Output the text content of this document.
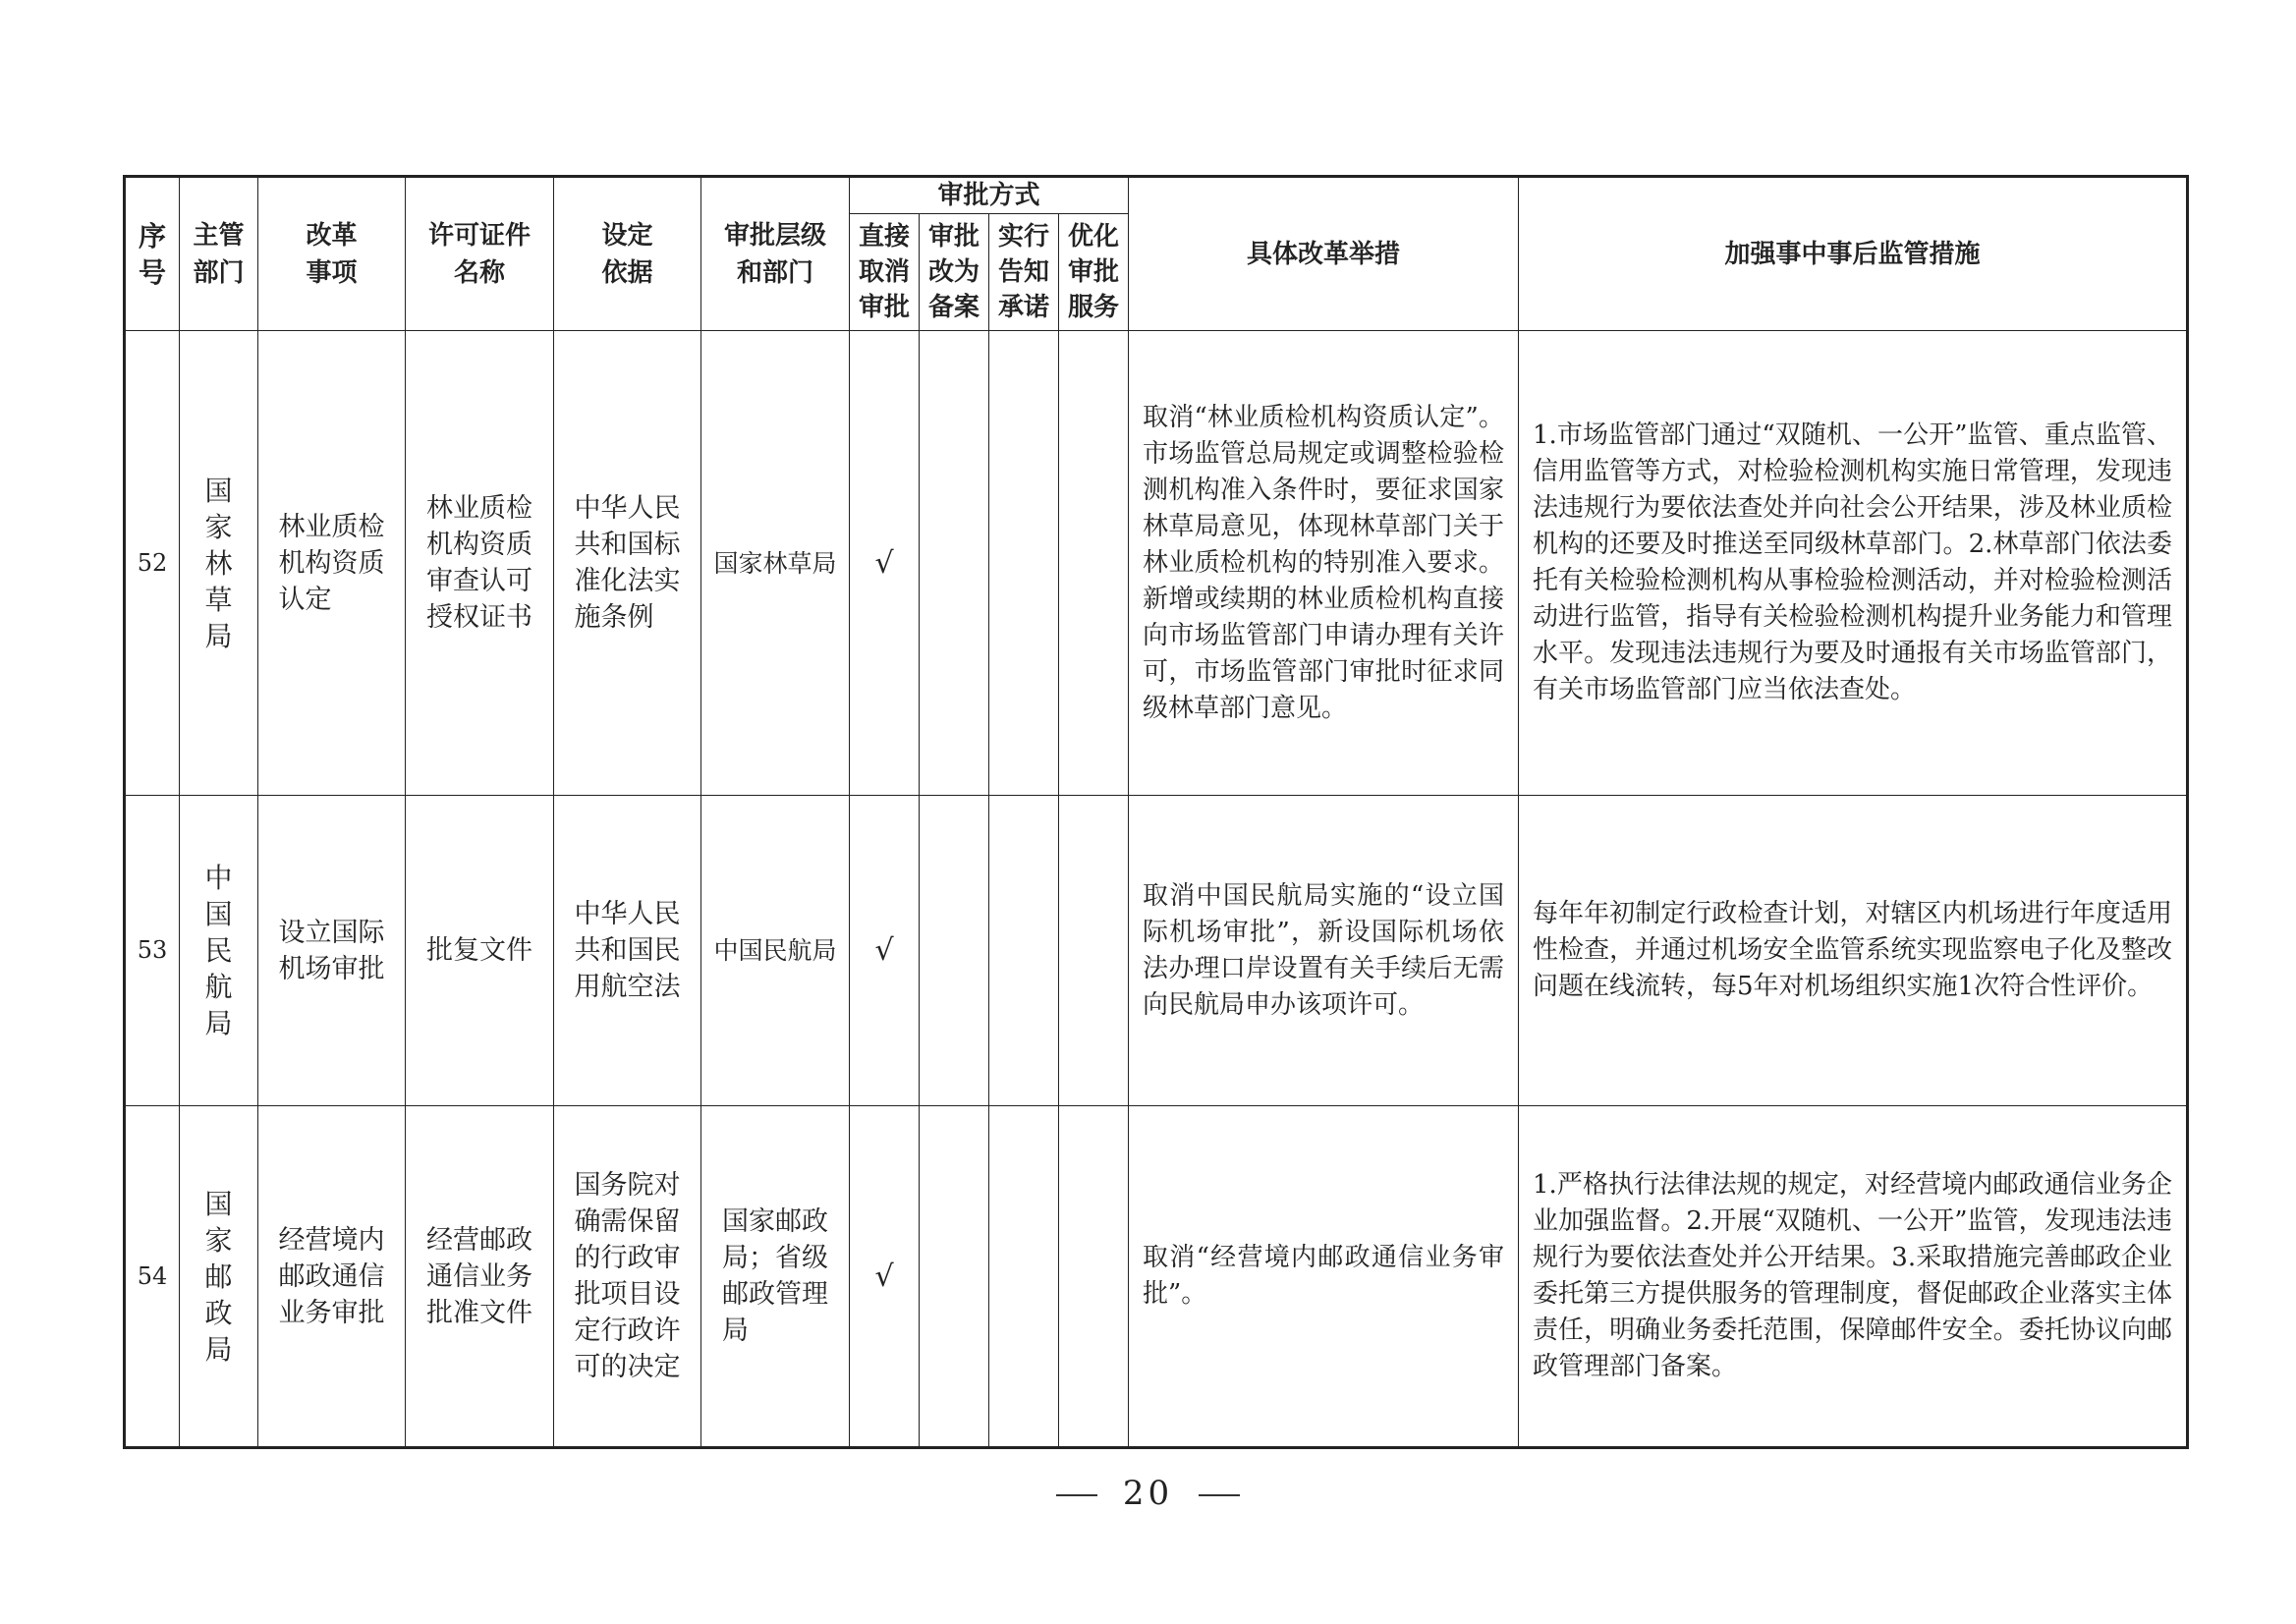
序号	主管部门	改革事项	许可证件名称	设定依据	审批层级和部门	审批方式				具体改革举措	加强事中事后监管措施

						直接取消审批	审批改为备案	实行告知承诺	优化审批服务		

52	国家林草局	林业质检机构资质认定	林业质检机构资质审查认可授权证书	中华人民共和国标准化法实施条例	国家林草局	√				取消“林业质检机构资质认定”。市场监管总局规定或调整检验检测机构准入条件时，要征求国家林草局意见，体现林草部门关于林业质检机构的特别准入要求。新增或续期的林业质检机构直接向市场监管部门申请办理有关许可，市场监管部门审批时征求同级林草部门意见。	1.市场监管部门通过“双随机、一公开”监管、重点监管、信用监管等方式，对检验检测机构实施日常管理，发现违法违规行为要依法查处并向社会公开结果，涉及林业质检机构的还要及时推送至同级林草部门。2.林草部门依法委托有关检验检测机构从事检验检测活动，并对检验检测活动进行监管，指导有关检验检测机构提升业务能力和管理水平。发现违法违规行为要及时通报有关市场监管部门，有关市场监管部门应当依法查处。
53	中国民航局	设立国际机场审批	批复文件	中华人民共和国民用航空法	中国民航局	√				取消中国民航局实施的“设立国际机场审批”，新设国际机场依法办理口岸设置有关手续后无需向民航局申办该项许可。	每年年初制定行政检查计划，对辖区内机场进行年度适用性检查，并通过机场安全监管系统实现监察电子化及整改问题在线流转，每5年对机场组织实施1次符合性评价。
54	国家邮政局	经营境内邮政通信业务审批	经营邮政通信业务批准文件	国务院对确需保留的行政审批项目设定行政许可的决定	国家邮政局；省级邮政管理局	√				取消“经营境内邮政通信业务审批”。	1.严格执行法律法规的规定，对经营境内邮政通信业务企业加强监督。2.开展“双随机、一公开”监管，发现违法违规行为要依法查处并公开结果。3.采取措施完善邮政企业委托第三方提供服务的管理制度，督促邮政企业落实主体责任，明确业务委托范围，保障邮件安全。委托协议向邮政管理部门备案。
20
